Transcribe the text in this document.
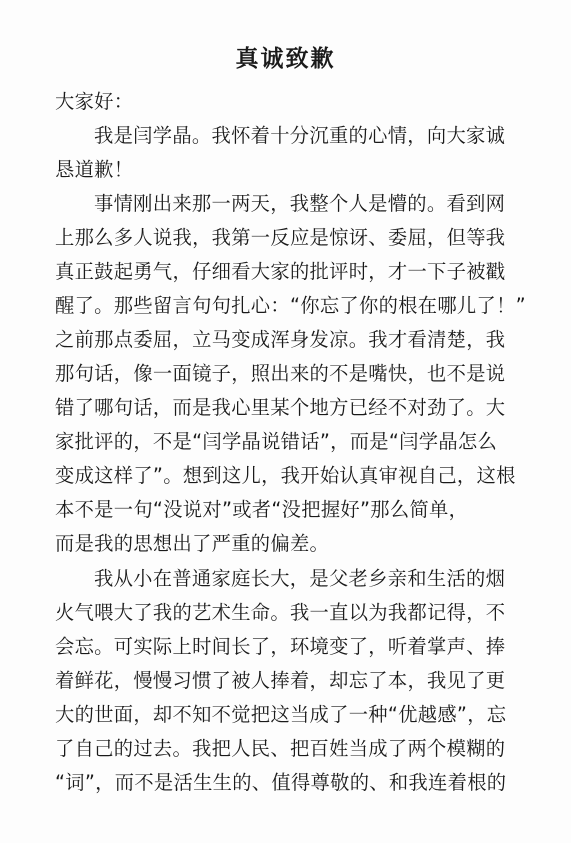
真诚致歉
大家好：
我是闫学晶。我怀着十分沉重的心情，向大家诚
恳道歉！
事情刚出来那一两天，我整个人是懵的。看到网
上那么多人说我，我第一反应是惊讶、委屈，但等我
真正鼓起勇气，仔细看大家的批评时，才一下子被戳
醒了。那些留言句句扎心：“你忘了你的根在哪儿了！”
之前那点委屈，立马变成浑身发凉。我才看清楚，我
那句话，像一面镜子，照出来的不是嘴快，也不是说
错了哪句话，而是我心里某个地方已经不对劲了。大
家批评的，不是“闫学晶说错话”，而是“闫学晶怎么
变成这样了”。想到这儿，我开始认真审视自己，这根
本不是一句“没说对”或者“没把握好”那么简单，
而是我的思想出了严重的偏差。
我从小在普通家庭长大，是父老乡亲和生活的烟
火气喂大了我的艺术生命。我一直以为我都记得，不
会忘。可实际上时间长了，环境变了，听着掌声、捧
着鲜花，慢慢习惯了被人捧着，却忘了本，我见了更
大的世面，却不知不觉把这当成了一种“优越感”，忘
了自己的过去。我把人民、把百姓当成了两个模糊的
“词”，而不是活生生的、值得尊敬的、和我连着根的
